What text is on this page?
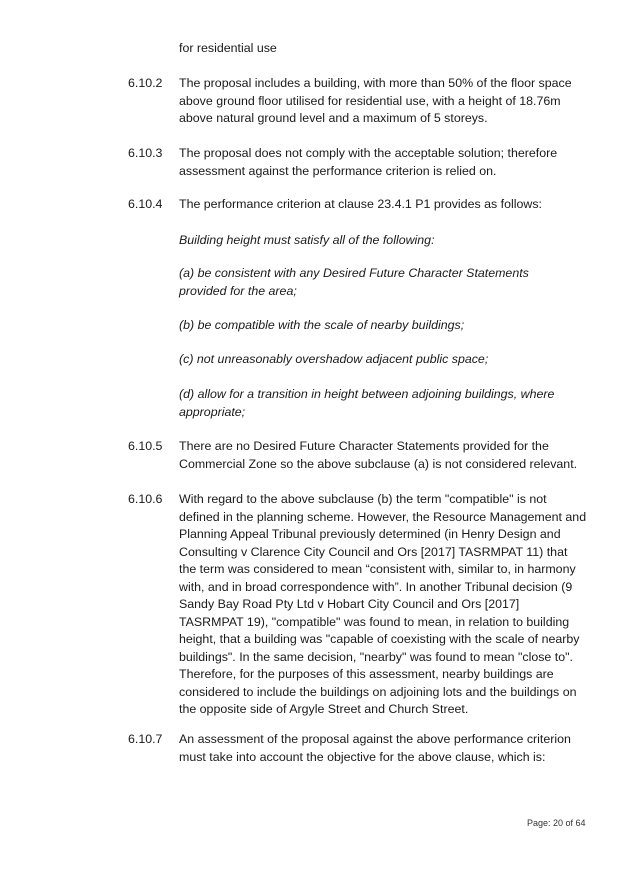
for residential use
6.10.2 The proposal includes a building, with more than 50% of the floor space
above ground floor utilised for residential use, with a height of 18.76m
above natural ground level and a maximum of 5 storeys.
6.10.3 The proposal does not comply with the acceptable solution; therefore
assessment against the performance criterion is relied on.
6.10.4 The performance criterion at clause 23.4.1 P1 provides as follows:
Building height must satisfy all of the following:
(a) be consistent with any Desired Future Character Statements
provided for the area;
(b) be compatible with the scale of nearby buildings;
(c) not unreasonably overshadow adjacent public space;
(d) allow for a transition in height between adjoining buildings, where
appropriate;
6.10.5 There are no Desired Future Character Statements provided for the
Commercial Zone so the above subclause (a) is not considered relevant.
6.10.6 With regard to the above subclause (b) the term "compatible" is not
defined in the planning scheme. However, the Resource Management and
Planning Appeal Tribunal previously determined (in Henry Design and
Consulting v Clarence City Council and Ors [2017] TASRMPAT 11) that
the term was considered to mean “consistent with, similar to, in harmony
with, and in broad correspondence with”. In another Tribunal decision (9
Sandy Bay Road Pty Ltd v Hobart City Council and Ors [2017]
TASRMPAT 19), "compatible" was found to mean, in relation to building
height, that a building was "capable of coexisting with the scale of nearby
buildings". In the same decision, "nearby" was found to mean "close to".
Therefore, for the purposes of this assessment, nearby buildings are
considered to include the buildings on adjoining lots and the buildings on
the opposite side of Argyle Street and Church Street.
6.10.7 An assessment of the proposal against the above performance criterion
must take into account the objective for the above clause, which is:
Page: 20 of 64
